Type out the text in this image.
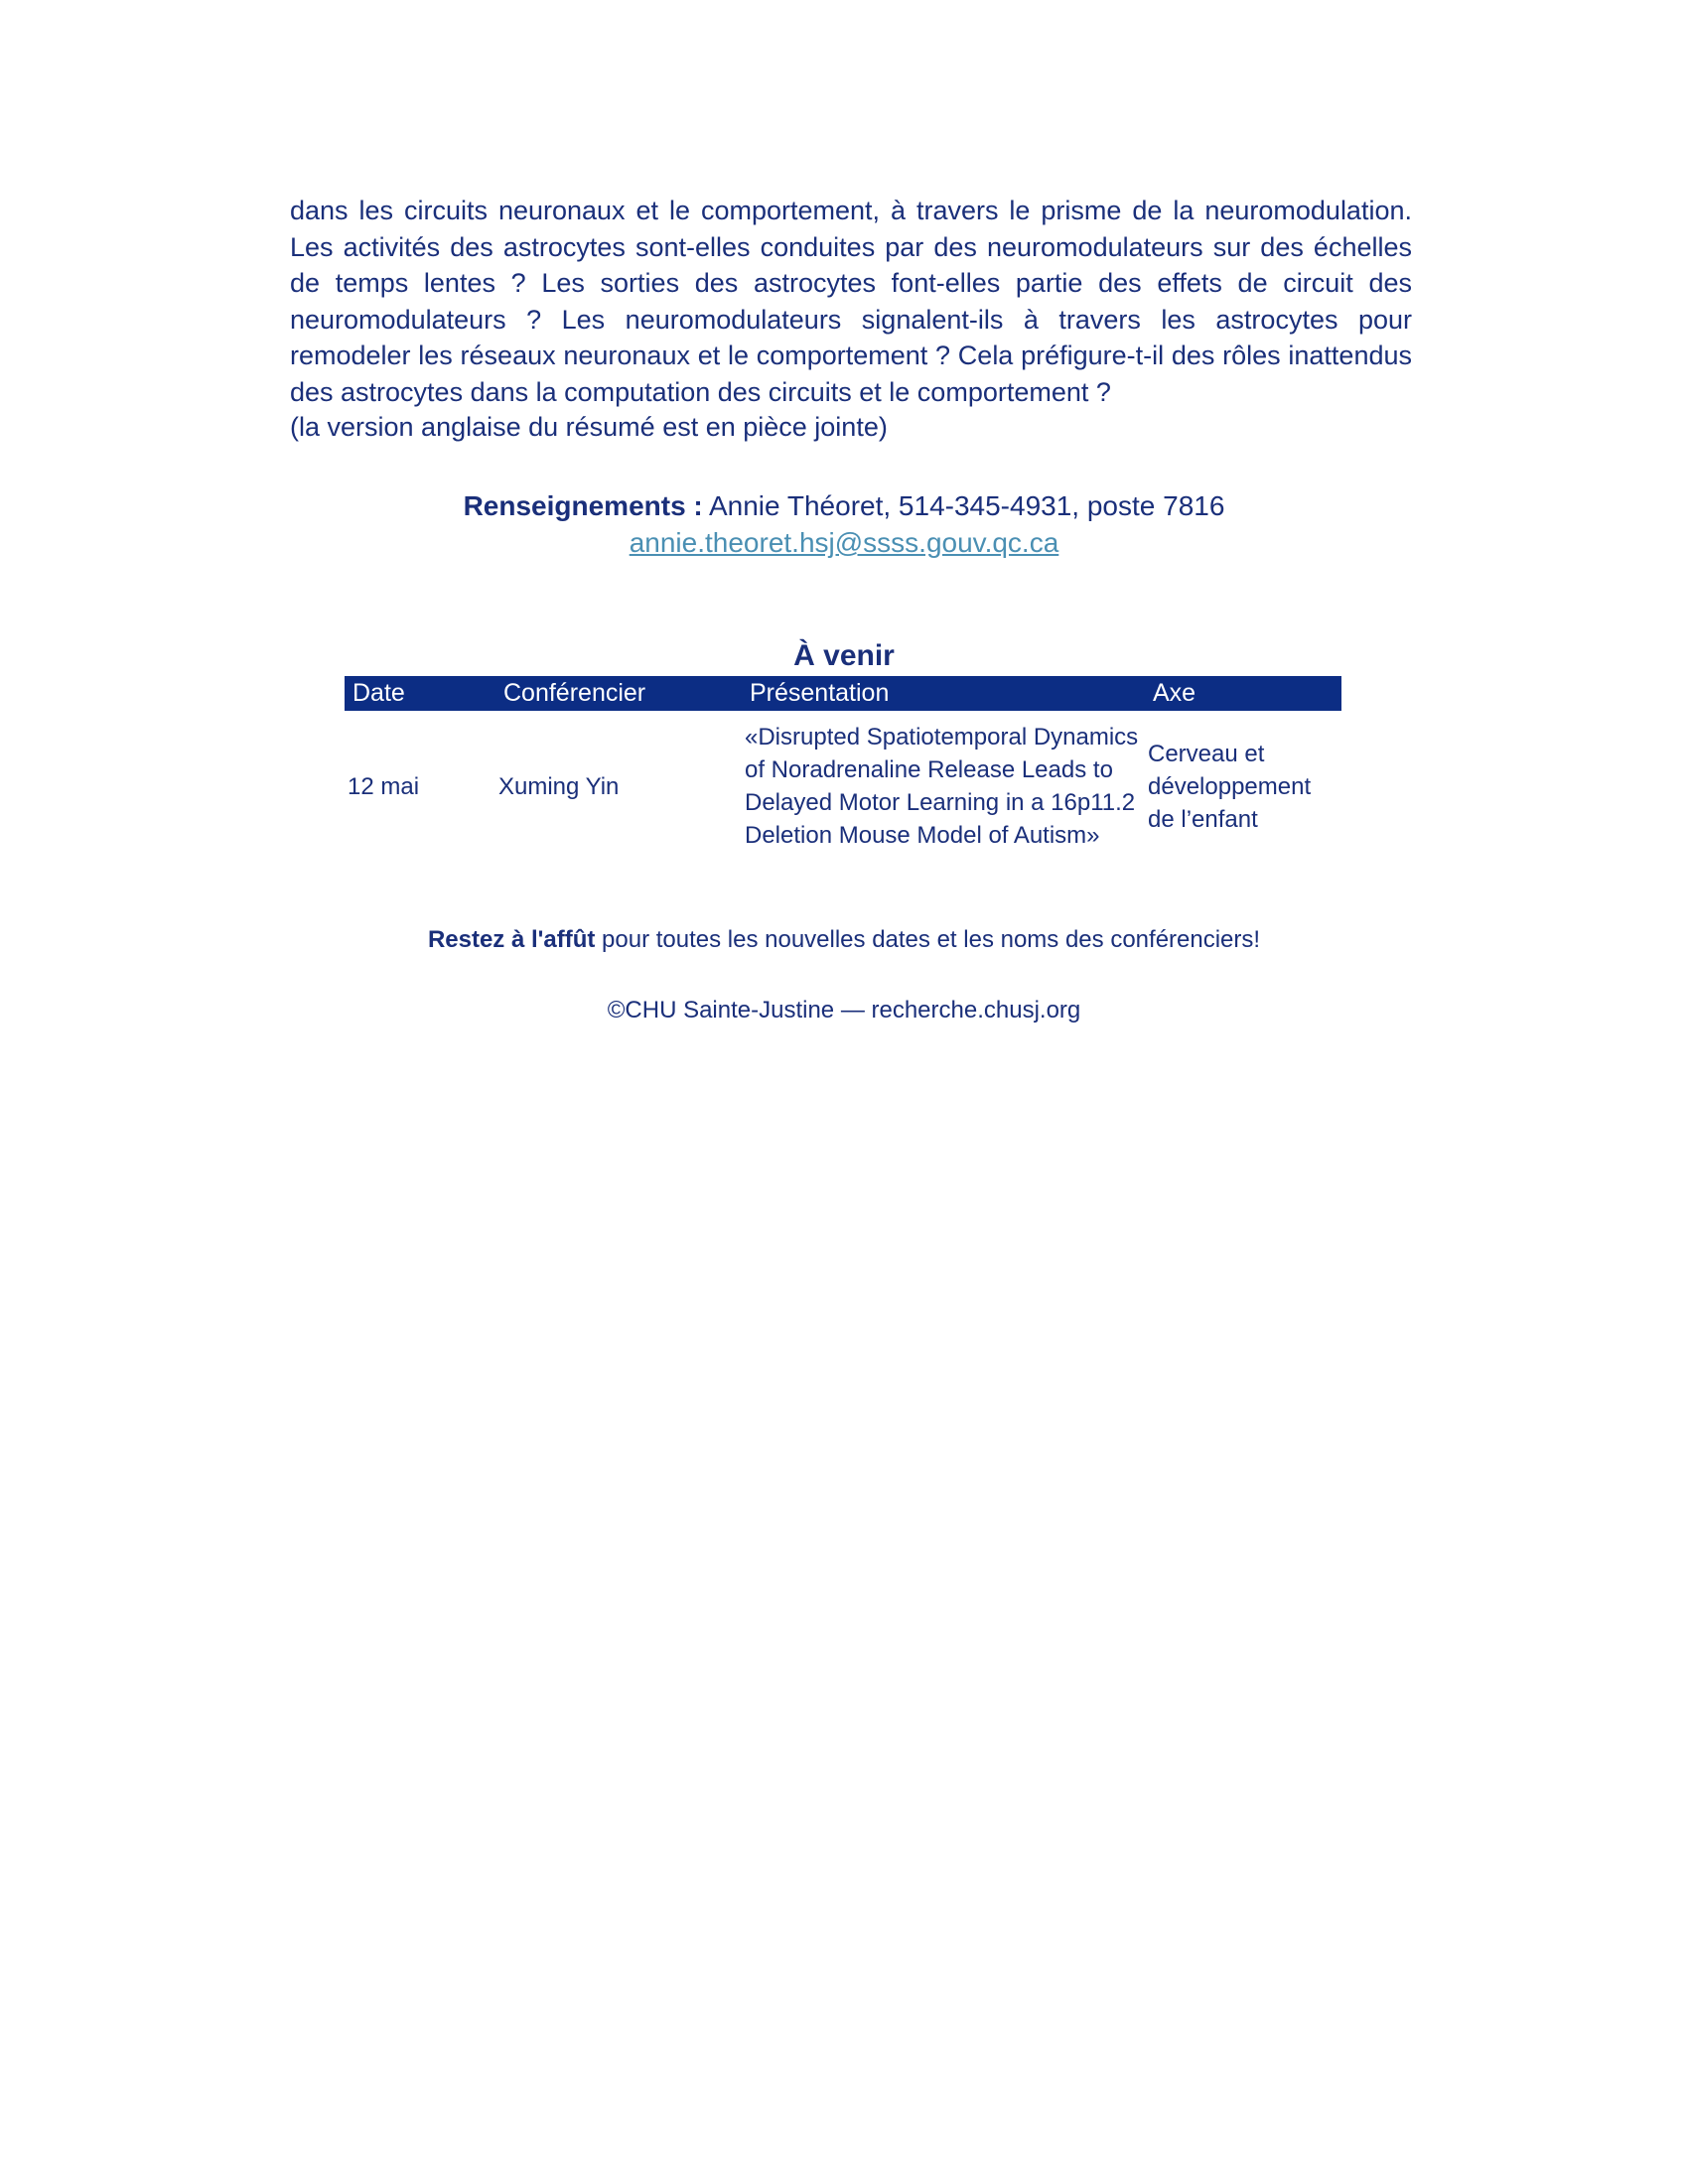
dans les circuits neuronaux et le comportement, à travers le prisme de la neuromodulation. Les activités des astrocytes sont-elles conduites par des neuromodulateurs sur des échelles de temps lentes ? Les sorties des astrocytes font-elles partie des effets de circuit des neuromodulateurs ? Les neuromodulateurs signalent-ils à travers les astrocytes pour remodeler les réseaux neuronaux et le comportement ? Cela préfigure-t-il des rôles inattendus des astrocytes dans la computation des circuits et le comportement ?

(la version anglaise du résumé est en pièce jointe)

Renseignements : Annie Théoret, 514-345-4931, poste 7816
annie.theoret.hsj@ssss.gouv.qc.ca
À venir
Date	Conférencier	Présentation	Axe
12 mai	Xuming Yin	«Disrupted Spatiotemporal Dynamics of Noradrenaline Release Leads to Delayed Motor Learning in a 16p11.2 Deletion Mouse Model of Autism»	Cerveau et développement de l’enfant
Restez à l'affût pour toutes les nouvelles dates et les noms des conférenciers!
©CHU Sainte-Justine — recherche.chusj.org
